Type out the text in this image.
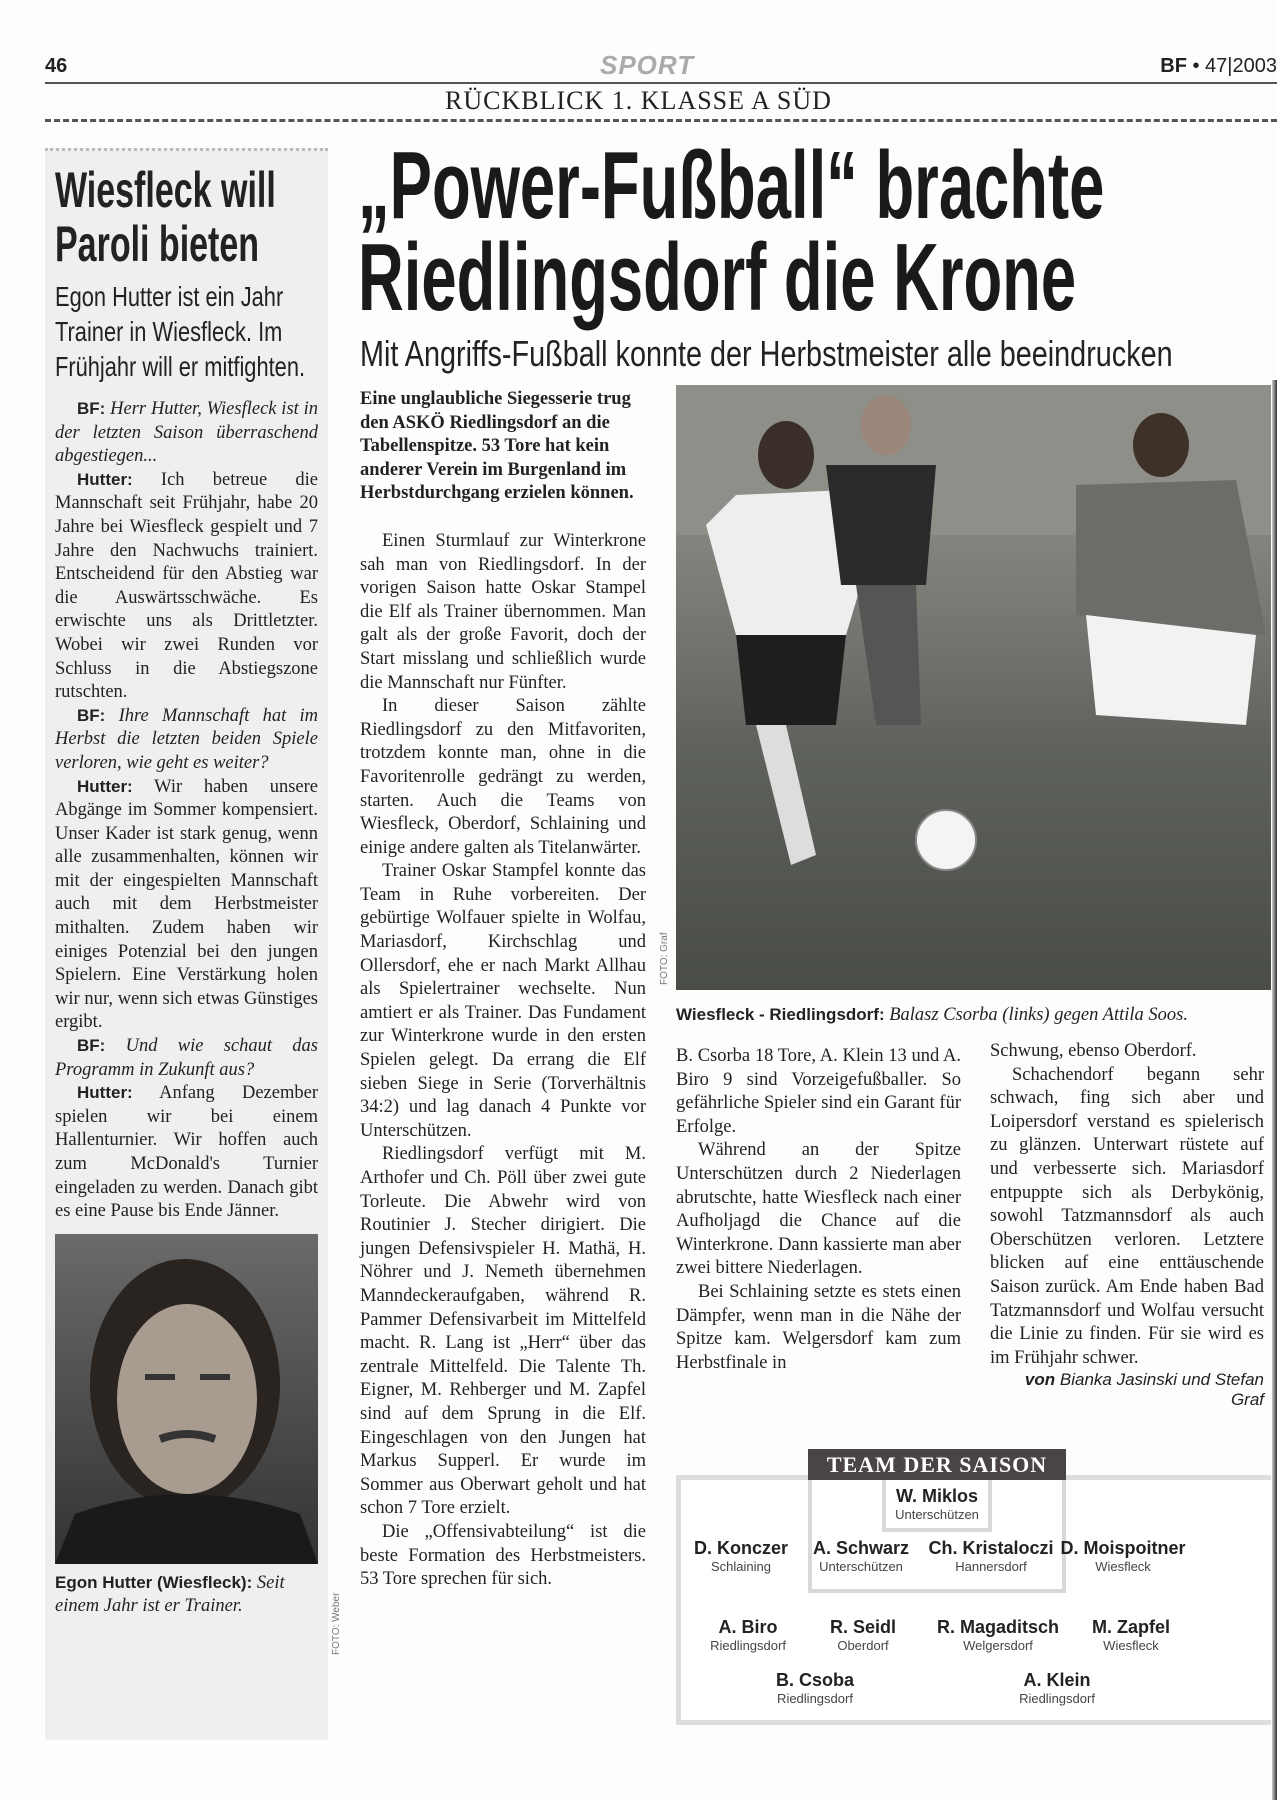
46	SPORT	BF • 47|2003
RÜCKBLICK 1. KLASSE A SÜD
Wiesfleck will Paroli bieten
Egon Hutter ist ein Jahr Trainer in Wiesfleck. Im Frühjahr will er mitfighten.

BF: Herr Hutter, Wiesfleck ist in der letzten Saison überraschend abgestiegen...

Hutter: Ich betreue die Mannschaft seit Frühjahr, habe 20 Jahre bei Wiesfleck gespielt und 7 Jahre den Nachwuchs trainiert. Entscheidend für den Abstieg war die Auswärtsschwäche. Es erwischte uns als Drittletzter. Wobei wir zwei Runden vor Schluss in die Abstiegszone rutschten.

BF: Ihre Mannschaft hat im Herbst die letzten beiden Spiele verloren, wie geht es weiter?

Hutter: Wir haben unsere Abgänge im Sommer kompensiert. Unser Kader ist stark genug, wenn alle zusammenhalten, können wir mit der eingespielten Mannschaft auch mit dem Herbstmeister mithalten. Zudem haben wir einiges Potenzial bei den jungen Spielern. Eine Verstärkung holen wir nur, wenn sich etwas Günstiges ergibt.

BF: Und wie schaut das Programm in Zukunft aus?

Hutter: Anfang Dezember spielen wir bei einem Hallenturnier. Wir hoffen auch zum McDonald's Turnier eingeladen zu werden. Danach gibt es eine Pause bis Ende Jänner.

Egon Hutter (Wiesfleck): Seit einem Jahr ist er Trainer.	FOTO: Weber
„Power-Fußball“ brachte
Riedlingsdorf die Krone
Mit Angriffs-Fußball konnte der Herbstmeister alle beeindrucken

Eine unglaubliche Siegesserie trug den ASKÖ Riedlingsdorf an die Tabellenspitze. 53 Tore hat kein anderer Verein im Burgenland im Herbstdurchgang erzielen können.

Einen Sturmlauf zur Winterkrone sah man von Riedlingsdorf. In der vorigen Saison hatte Oskar Stampel die Elf als Trainer übernommen. Man galt als der große Favorit, doch der Start misslang und schließlich wurde die Mannschaft nur Fünfter.

In dieser Saison zählte Riedlingsdorf zu den Mitfavoriten, trotzdem konnte man, ohne in die Favoritenrolle gedrängt zu werden, starten. Auch die Teams von Wiesfleck, Oberdorf, Schlaining und einige andere galten als Titelanwärter.

Trainer Oskar Stampfel konnte das Team in Ruhe vorbereiten. Der gebürtige Wolfauer spielte in Wolfau, Mariasdorf, Kirchschlag und Ollersdorf, ehe er nach Markt Allhau als Spielertrainer wechselte. Nun amtiert er als Trainer. Das Fundament zur Winterkrone wurde in den ersten Spielen gelegt. Da errang die Elf sieben Siege in Serie (Torverhältnis 34:2) und lag danach 4 Punkte vor Unterschützen.

Riedlingsdorf verfügt mit M. Arthofer und Ch. Pöll über zwei gute Torleute. Die Abwehr wird von Routinier J. Stecher dirigiert. Die jungen Defensivspieler H. Mathä, H. Nöhrer und J. Nemeth übernehmen Manndeckeraufgaben, während R. Pammer Defensivarbeit im Mittelfeld macht. R. Lang ist „Herr“ über das zentrale Mittelfeld. Die Talente Th. Eigner, M. Rehberger und M. Zapfel sind auf dem Sprung in die Elf. Eingeschlagen von den Jungen hat Markus Supperl. Er wurde im Sommer aus Oberwart geholt und hat schon 7 Tore erzielt.

Die „Offensivabteilung“ ist die beste Formation des Herbstmeisters. 53 Tore sprechen für sich.

FOTO: Graf
Wiesfleck - Riedlingsdorf: Balasz Csorba (links) gegen Attila Soos.

B. Csorba 18 Tore, A. Klein 13 und A. Biro 9 sind Vorzeigefußballer. So gefährliche Spieler sind ein Garant für Erfolge.

Während an der Spitze Unterschützen durch 2 Niederlagen abrutschte, hatte Wiesfleck nach einer Aufholjagd die Chance auf die Winterkrone. Dann kassierte man aber zwei bittere Niederlagen.

Bei Schlaining setzte es stets einen Dämpfer, wenn man in die Nähe der Spitze kam. Welgersdorf kam zum Herbstfinale in

Schwung, ebenso Oberdorf.

Schachendorf begann sehr schwach, fing sich aber und Loipersdorf verstand es spielerisch zu glänzen. Unterwart rüstete auf und verbesserte sich. Mariasdorf entpuppte sich als Derbykönig, sowohl Tatzmannsdorf als auch Oberschützen verloren. Letztere blicken auf eine enttäuschende Saison zurück. Am Ende haben Bad Tatzmannsdorf und Wolfau versucht die Linie zu finden. Für sie wird es im Frühjahr schwer.

von Bianka Jasinski und Stefan Graf
TEAM DER SAISON
W. Miklos
Unterschützen
D. Konczer
Schlaining
A. Schwarz
Unterschützen
Ch. Kristaloczi
Hannersdorf
D. Moispoitner
Wiesfleck
A. Biro
Riedlingsdorf
R. Seidl
Oberdorf
R. Magaditsch
Welgersdorf
M. Zapfel
Wiesfleck
B. Csoba
Riedlingsdorf
A. Klein
Riedlingsdorf
